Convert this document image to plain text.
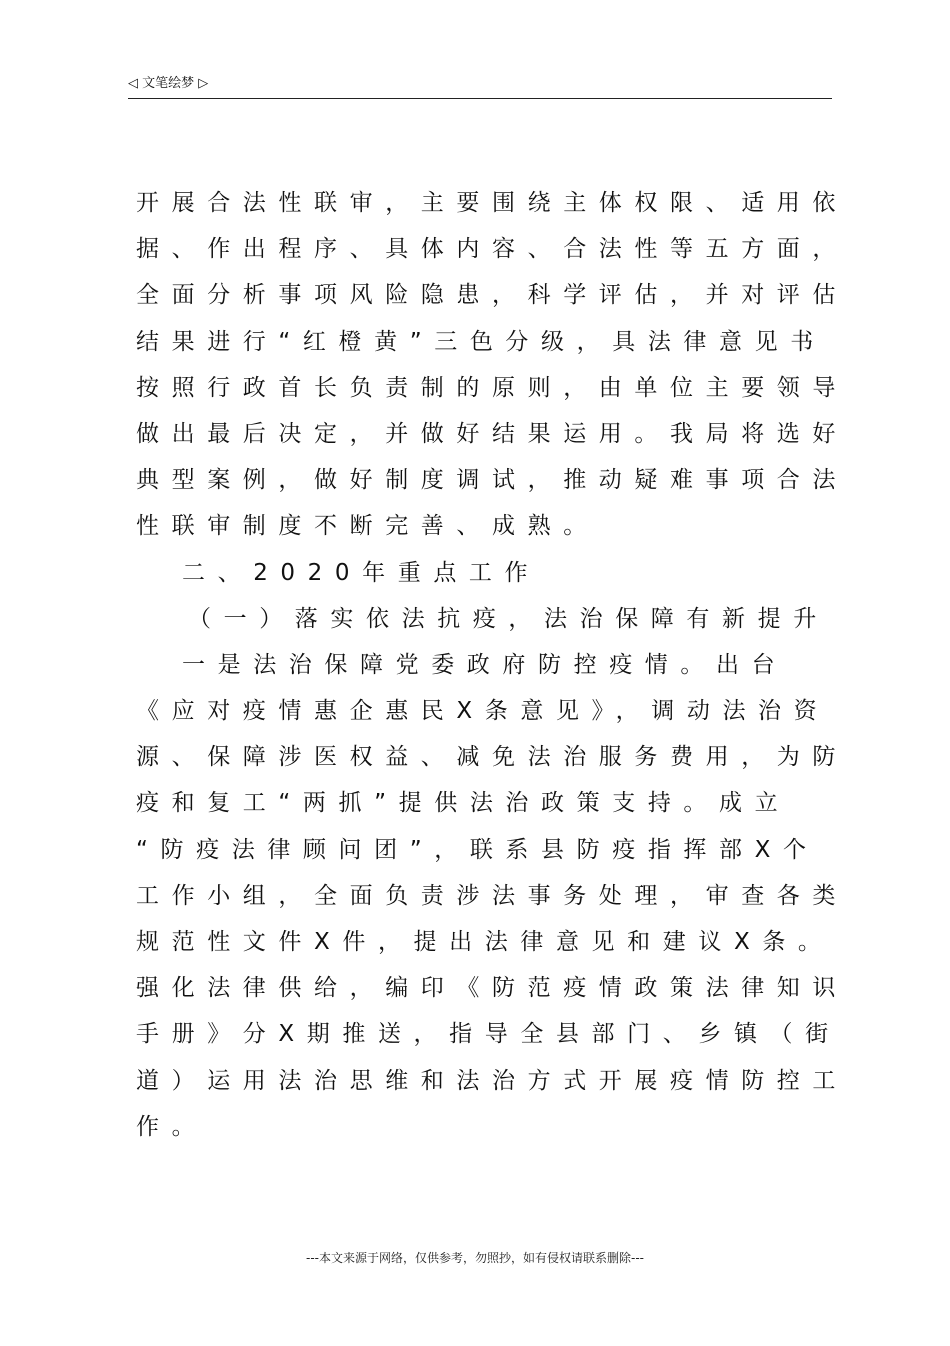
◁ 文笔绘梦 ▷
开展合法性联审，主要围绕主体权限、适用依
据、作出程序、具体内容、合法性等五方面，
全面分析事项风险隐患，科学评估，并对评估
结果进行“红橙黄”三色分级，具法律意见书
按照行政首长负责制的原则，由单位主要领导
做出最后决定，并做好结果运用。我局将选好
典型案例，做好制度调试，推动疑难事项合法
性联审制度不断完善、成熟。
二、2020年重点工作
（一）落实依法抗疫，法治保障有新提升
一是法治保障党委政府防控疫情。出台
《应对疫情惠企惠民X条意见》，调动法治资
源、保障涉医权益、减免法治服务费用，为防
疫和复工“两抓”提供法治政策支持。成立
“防疫法律顾问团”，联系县防疫指挥部X个
工作小组，全面负责涉法事务处理，审查各类
规范性文件X件，提出法律意见和建议X条。
强化法律供给，编印《防范疫情政策法律知识
手册》分X期推送，指导全县部门、乡镇（街
道）运用法治思维和法治方式开展疫情防控工
作。
---本文来源于网络，仅供参考，勿照抄，如有侵权请联系删除---
